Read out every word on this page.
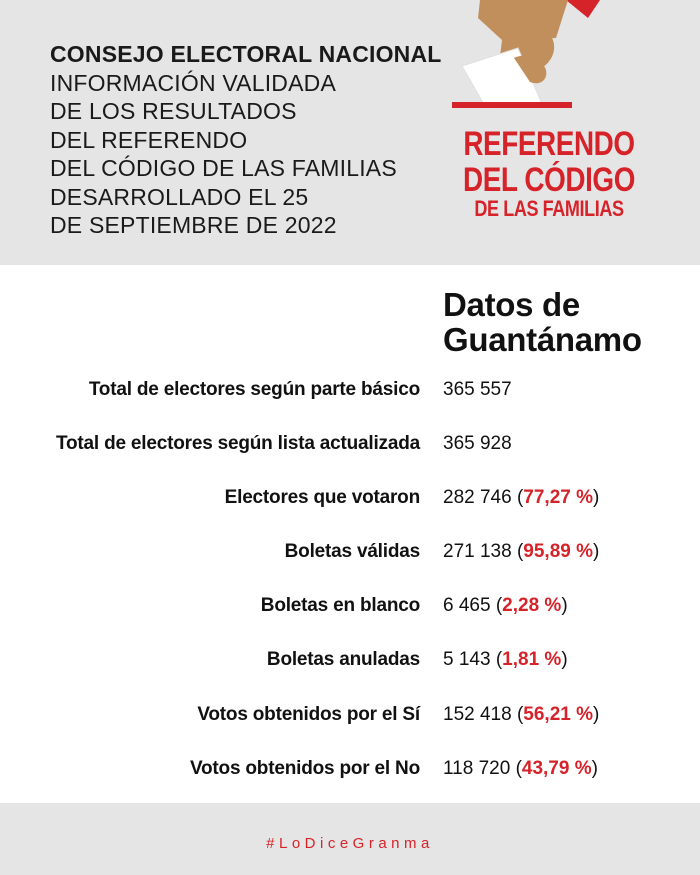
CONSEJO ELECTORAL NACIONAL
INFORMACIÓN VALIDADA
DE LOS RESULTADOS
DEL REFERENDO
DEL CÓDIGO DE LAS FAMILIAS
DESARROLLADO EL 25
DE SEPTIEMBRE DE 2022
REFERENDO
DEL CÓDIGO
DE LAS FAMILIAS
Datos de
Guantánamo
Total de electores según parte básico 365 557
Total de electores según lista actualizada 365 928
Electores que votaron 282 746 (77,27 %)
Boletas válidas 271 138 (95,89 %)
Boletas en blanco 6 465 (2,28 %)
Boletas anuladas 5 143 (1,81 %)
Votos obtenidos por el Sí 152 418 (56,21 %)
Votos obtenidos por el No 118 720 (43,79 %)
#LoDiceGranma
